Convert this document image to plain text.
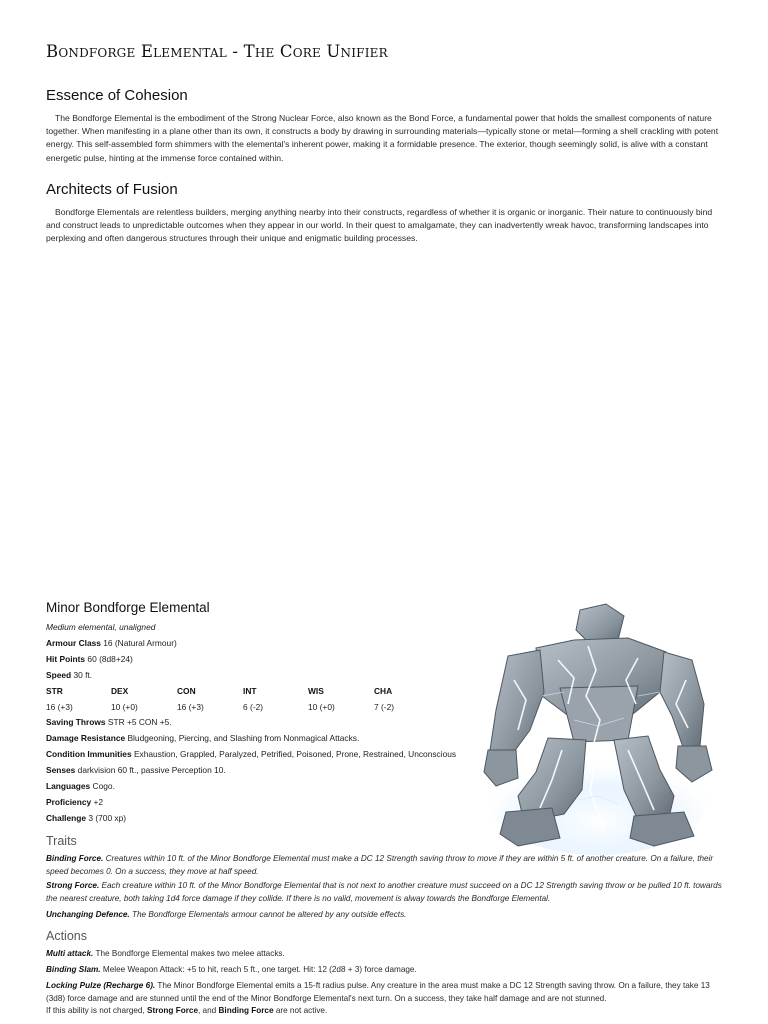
Bondforge Elemental - The Core Unifier
Essence of Cohesion

The Bondforge Elemental is the embodiment of the Strong Nuclear Force, also known as the Bond Force, a fundamental power that holds the smallest components of nature together. When manifesting in a plane other than its own, it constructs a body by drawing in surrounding materials—typically stone or metal—forming a shell crackling with potent energy. This self-assembled form shimmers with the elemental's inherent power, making it a formidable presence. The exterior, though seemingly solid, is alive with a constant energetic pulse, hinting at the immense force contained within.

Architects of Fusion

Bondforge Elementals are relentless builders, merging anything nearby into their constructs, regardless of whether it is organic or inorganic. Their nature to continuously bind and construct leads to unpredictable outcomes when they appear in our world. In their quest to amalgamate, they can inadvertently wreak havoc, transforming landscapes into perplexing and often dangerous structures through their unique and enigmatic building processes.

Minor Bondforge Elemental
Medium elemental, unaligned
Armour Class 16 (Natural Armour)
Hit Points 60 (8d8+24)
Speed 30 ft.
STR	DEX	CON	INT	WIS	CHA
16 (+3)	10 (+0)	16 (+3)	6 (-2)	10 (+0)	7 (-2)
Saving Throws STR +5 CON +5.
Damage Resistance Bludgeoning, Piercing, and Slashing from Nonmagical Attacks.
Condition Immunities Exhaustion, Grappled, Paralyzed, Petrified, Poisoned, Prone, Restrained, Unconscious
Senses darkvision 60 ft., passive Perception 10.
Languages Cogo.
Proficiency +2
Challenge 3 (700 xp)
Traits

Binding Force. Creatures within 10 ft. of the Minor Bondforge Elemental must make a DC 12 Strength saving throw to move if they are within 5 ft. of another creature. On a failure, their speed becomes 0. On a success, they move at half speed.

Strong Force. Each creature within 10 ft. of the Minor Bondforge Elemental that is not next to another creature must succeed on a DC 12 Strength saving throw or be pulled 10 ft. towards the nearest creature, both taking 1d4 force damage if they collide. If there is no valid, movement is alway towards the Bondforge Elemental.

Unchanging Defence. The Bondforge Elementals armour cannot be altered by any outside effects.

Actions

Multi attack. The Bondforge Elemental makes two melee attacks.

Binding Slam. Melee Weapon Attack: +5 to hit, reach 5 ft., one target. Hit: 12 (2d8 + 3) force damage.

Locking Pulze (Recharge 6). The Minor Bondforge Elemental emits a 15-ft radius pulse. Any creature in the area must make a DC 12 Strength saving throw. On a failure, they take 13 (3d8) force damage and are stunned until the end of the Minor Bondforge Elemental's next turn. On a success, they take half damage and are not stunned.

If this ability is not charged, Strong Force, and Binding Force are not active.
